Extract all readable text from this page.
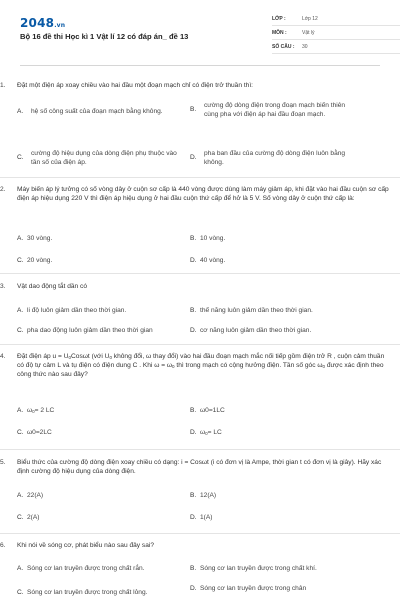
2048.vn
Bộ 16 đề thi Học kì 1 Vật lí 12 có đáp án_ đề 13
LỚP :	Lớp 12
MÔN :	Vật lý
SỐ CÂU :	30
1.	Đặt một điện áp xoay chiều vào hai đầu một đoạn mạch chỉ có điện trở thuần thì:
A.	hệ số công suất của đoạn mạch bằng không.	B.
cường độ dòng điện trong đoạn mạch biến thiên cùng pha với điện áp hai đầu đoạn mạch.
C.
cường độ hiệu dụng của dòng điện phụ thuộc vào tần số của điện áp.
D.
pha ban đầu của cường độ dòng điện luôn bằng không.
2.	Máy biến áp lý tưởng có số vòng dây ở cuộn sơ cấp là 440 vòng được dùng làm máy giảm áp, khi đặt vào hai đầu cuộn sơ cấp điện áp hiệu dụng 220 V thì điện áp hiệu dụng ở hai đầu cuộn thứ cấp để hở là 5 V. Số vòng dây ở cuộn thứ cấp là:
A. 30 vòng.	B. 10 vòng.
C. 20 vòng.	D. 40 vòng.
3.	Vật dao động tắt dần có
A. li độ luôn giảm dần theo thời gian.	B. thế năng luôn giảm dần theo thời gian.
C. pha dao động luôn giảm dần theo thời gian	D. cơ năng luôn giảm dần theo thời gian.
4.	Đặt điện áp $u = U_0Cos\omega t$ (với $U_0$ không đổi, ω thay đổi) vào hai đầu đoạn mạch mắc nối tiếp gồm điện trở R , cuộn cảm thuần có độ tự cảm L và tụ điện có điện dung C . Khi $\omega = \omega_0$ thì trong mạch có cộng hưởng điện. Tần số góc $\omega_0$ được xác định theo công thức nào sau đây?
A. $\omega_0= 2$ LC	B. ω0=1LC
C. ω0=2LC	D. $\omega_0=$ LC
5.	Biểu thức của cường độ dòng điện xoay chiều có dạng: i = Cosωt (i có đơn vị là Ampe, thời gian t có đơn vị là giây). Hãy xác định cường độ hiệu dụng của dòng điện.
A. 22(A)	B. 12(A)
C. 2(A)	D. 1(A)
6.	Khi nói về sóng cơ, phát biểu nào sau đây sai?
A. Sóng cơ lan truyền được trong chất rắn.	B. Sóng cơ lan truyền được trong chất khí.
C. Sóng cơ lan truyền được trong chất lỏng.
D. Sóng cơ lan truyền được trong chân
